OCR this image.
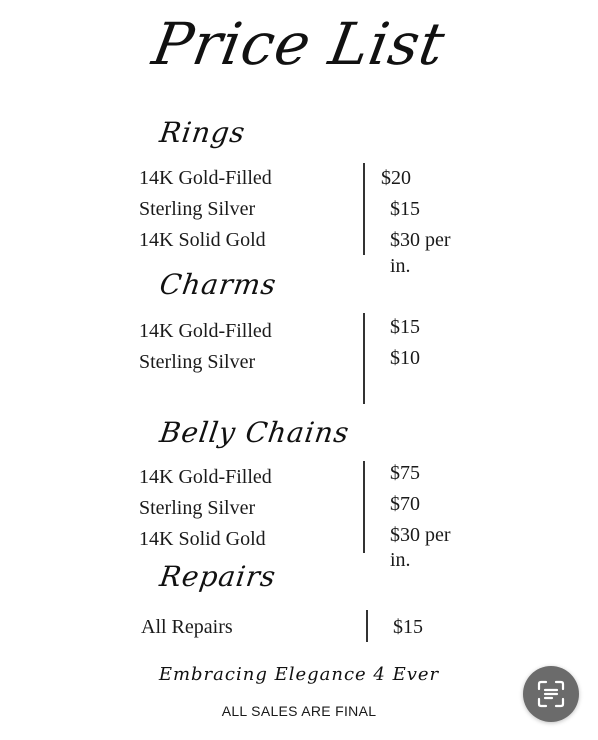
Price List
Rings
14K Gold-Filled
Sterling Silver
14K Solid Gold
$20
$15
$30 per
in.
Charms
14K Gold-Filled
Sterling Silver
$15
$10
Belly Chains
14K Gold-Filled
Sterling Silver
14K Solid Gold
$75
$70
$30 per
in.
Repairs
All Repairs	$15
Embracing Elegance 4 Ever
ALL SALES ARE FINAL
